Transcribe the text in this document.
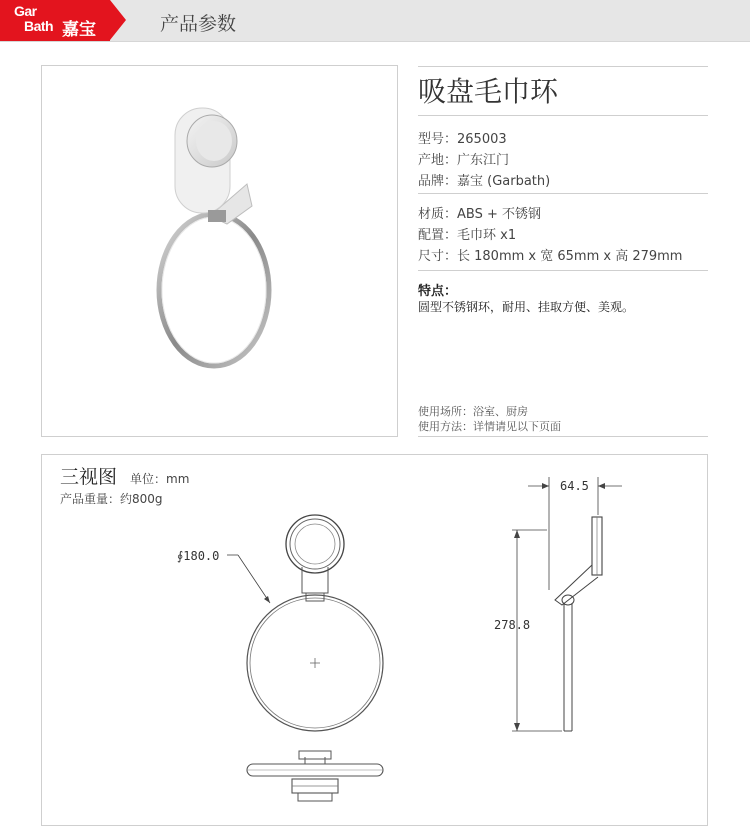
Gar
Bath 嘉宝	产品参数
吸盘毛巾环
型号：265003
产地：广东江门
品牌：嘉宝 (Garbath)
材质：ABS + 不锈钢
配置：毛巾环 x1
尺寸：长 180mm x 宽 65mm x 高 279mm
特点：
圆型不锈钢环，耐用、挂取方便、美观。
使用场所：浴室、厨房
使用方法：详情请见以下页面
∮180.0
64.5
278.8
三视图 单位：mm
产品重量：约800g
